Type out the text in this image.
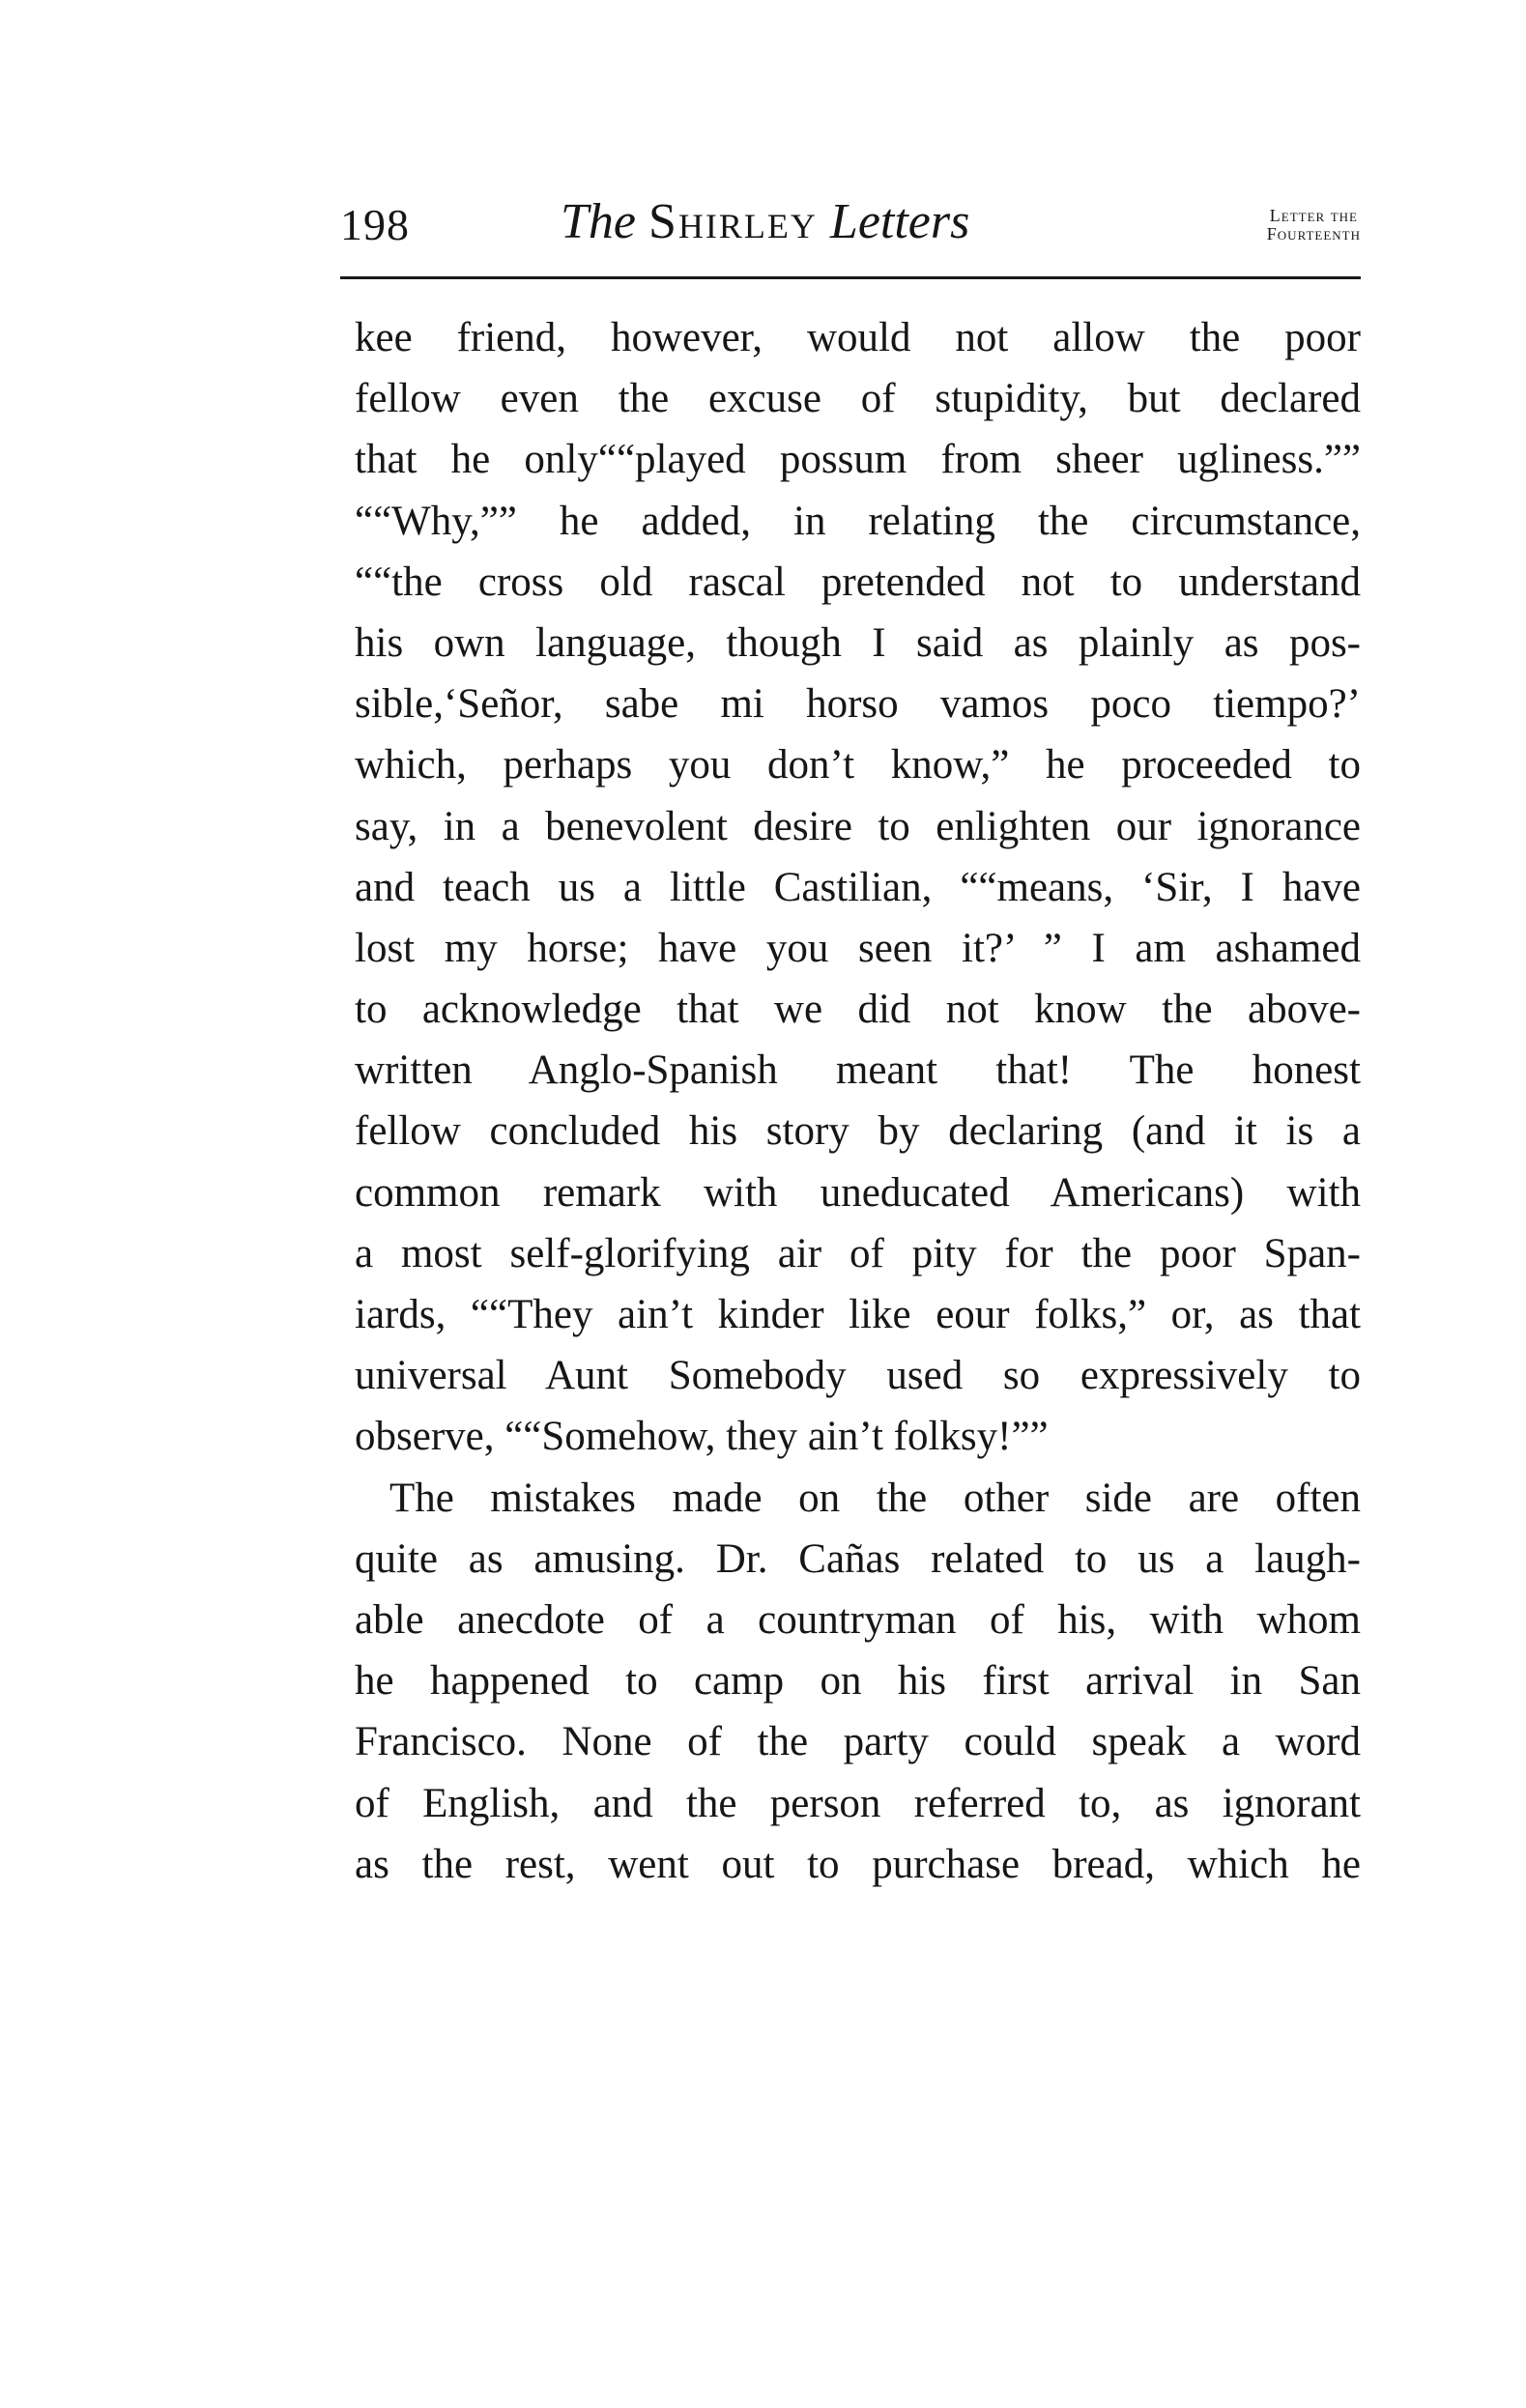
198	The Shirley Letters	Letter the
Fourteenth
kee friend, however, would not allow the poor
fellow even the excuse of stupidity, but declared
that he only““played possum from sheer ugliness.””
““Why,”” he added, in relating the circumstance,
““the cross old rascal pretended not to understand
his own language, though I said as plainly as pos-
sible,‘Señor, sabe mi horso vamos poco tiempo?’
which, perhaps you don’t know,” he proceeded to
say, in a benevolent desire to enlighten our ignorance
and teach us a little Castilian, ““means, ‘Sir, I have
lost my horse; have you seen it?’ ” I am ashamed
to acknowledge that we did not know the above-
written Anglo-Spanish meant that! The honest
fellow concluded his story by declaring (and it is a
common remark with uneducated Americans) with
a most self-glorifying air of pity for the poor Span-
iards, ““They ain’t kinder like eour folks,” or, as that
universal Aunt Somebody used so expressively to
observe, ““Somehow, they ain’t folksy!””
The mistakes made on the other side are often
quite as amusing. Dr. Cañas related to us a laugh-
able anecdote of a countryman of his, with whom
he happened to camp on his first arrival in San
Francisco. None of the party could speak a word
of English, and the person referred to, as ignorant
as the rest, went out to purchase bread, which he
